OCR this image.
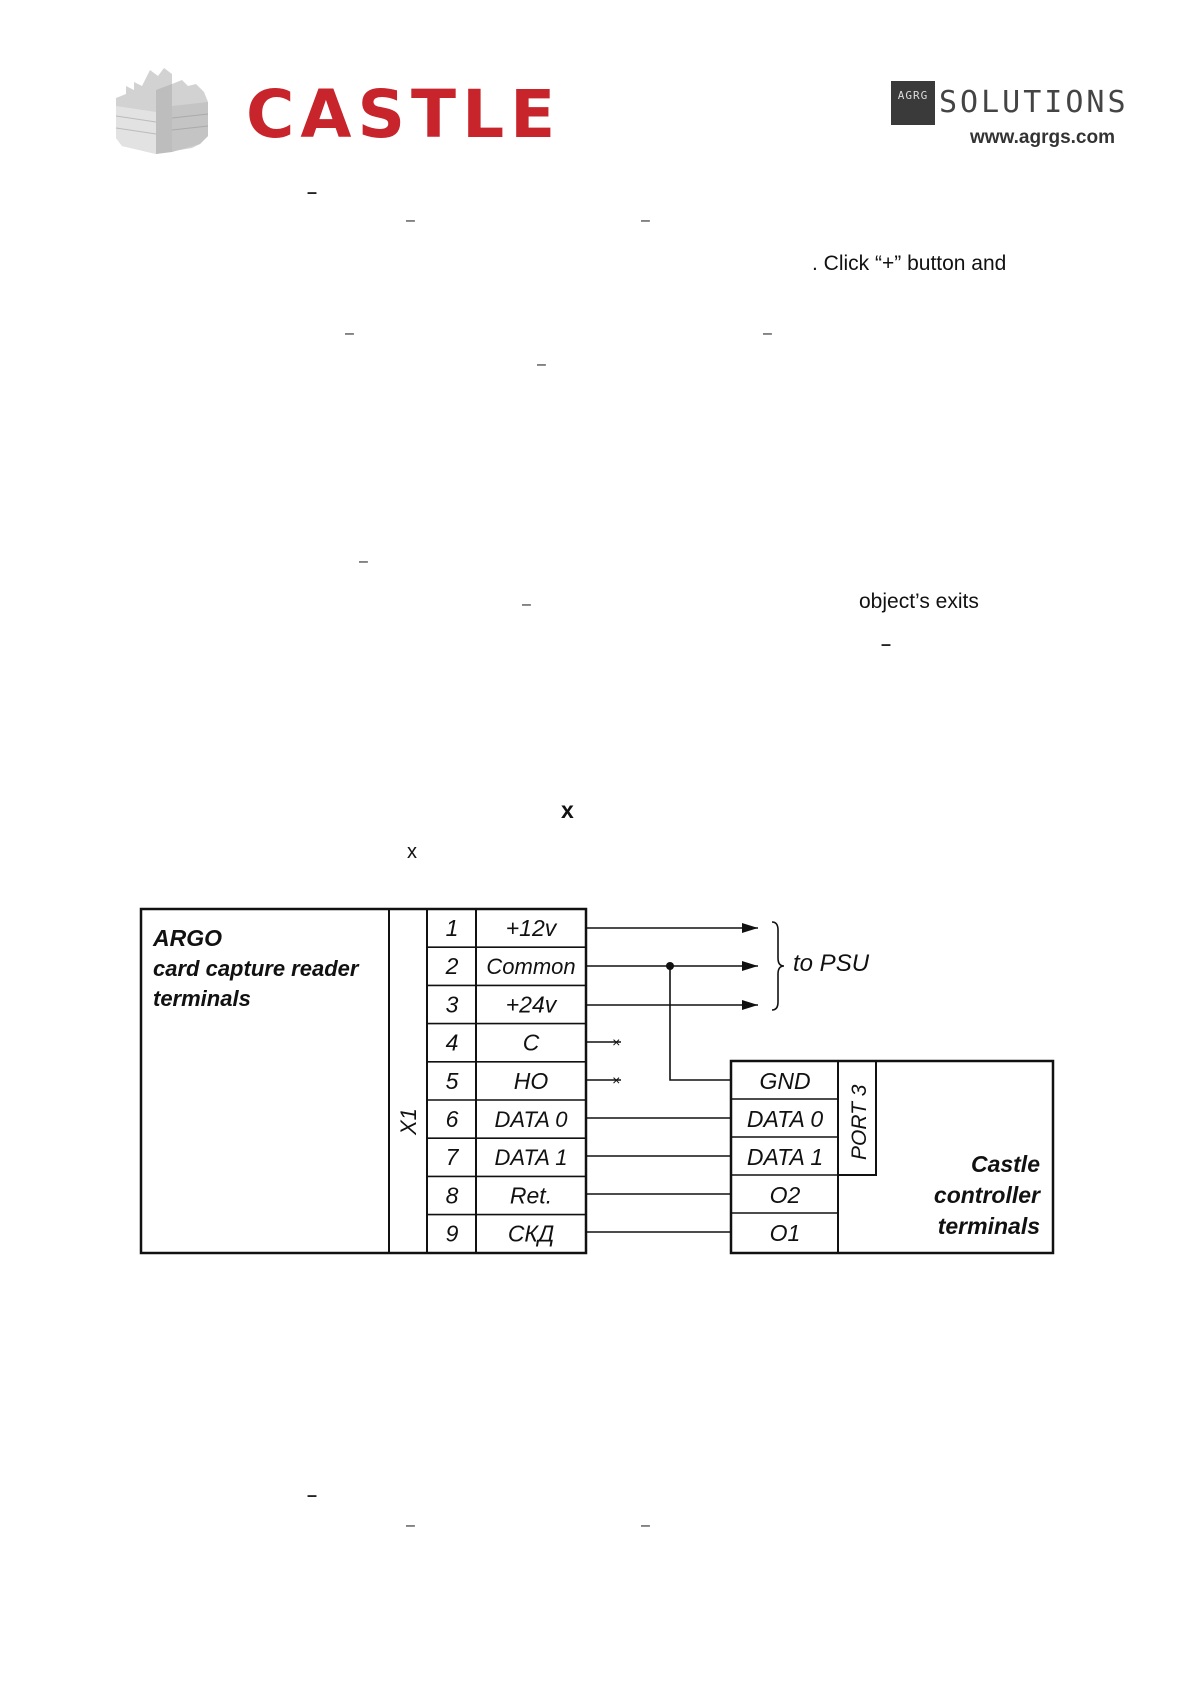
CASTLE	AGRG SOLUTIONS
www.agrgs.com
–
–	–
. Click “+” button and
–	–
–
–
–	object’s exits
–
x
x
–
–	–
ARGO
card capture reader
terminals
X1
1 +12v
2 Common
3 +24v
4	C
5 HO
6 DATA 0
7 DATA 1
8 Ret.
9 СКД
to PSU
×
×	GND
DATA 0
DATA 1
O2
O1
PORT 3
Castle
controller
terminals
